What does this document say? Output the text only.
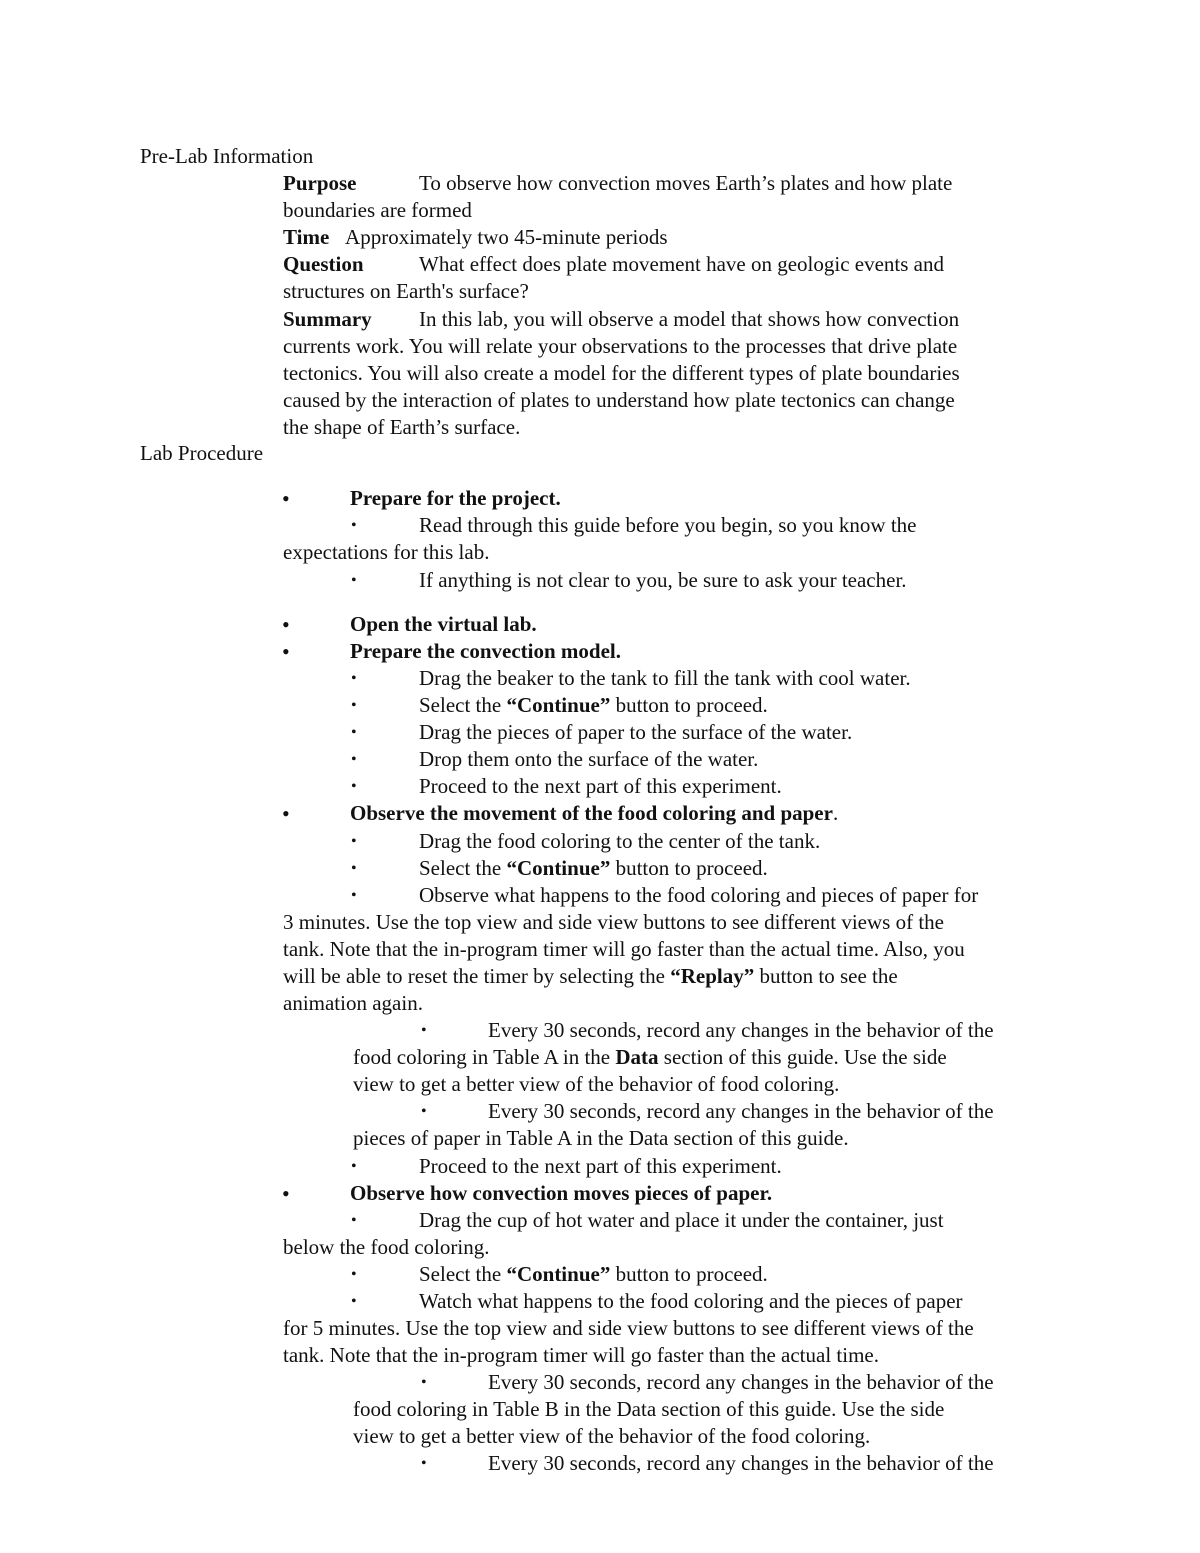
Pre-Lab Information
Purpose	To observe how convection moves Earth’s plates and how plate
boundaries are formed
Time Approximately two 45-minute periods
Question	What effect does plate movement have on geologic events and
structures on Earth's surface?
Summary In this lab, you will observe a model that shows how convection
currents work. You will relate your observations to the processes that drive plate
tectonics. You will also create a model for the different types of plate boundaries
caused by the interaction of plates to understand how plate tectonics can change
the shape of Earth’s surface.
Lab Procedure
•	Prepare for the project.
•	Read through this guide before you begin, so you know the
expectations for this lab.
•	If anything is not clear to you, be sure to ask your teacher.
•	Open the virtual lab.
•	Prepare the convection model.
•	Drag the beaker to the tank to fill the tank with cool water.
•	Select the “Continue” button to proceed.
•	Drag the pieces of paper to the surface of the water.
•	Drop them onto the surface of the water.
•	Proceed to the next part of this experiment.
•	Observe the movement of the food coloring and paper.
•	Drag the food coloring to the center of the tank.
•	Select the “Continue” button to proceed.
•	Observe what happens to the food coloring and pieces of paper for
3 minutes. Use the top view and side view buttons to see different views of the
tank. Note that the in-program timer will go faster than the actual time. Also, you
will be able to reset the timer by selecting the “Replay” button to see the
animation again.
•	Every 30 seconds, record any changes in the behavior of the
food coloring in Table A in the Data section of this guide. Use the side
view to get a better view of the behavior of food coloring.
•	Every 30 seconds, record any changes in the behavior of the
pieces of paper in Table A in the Data section of this guide.
•	Proceed to the next part of this experiment.
•	Observe how convection moves pieces of paper.
•	Drag the cup of hot water and place it under the container, just
below the food coloring.
•	Select the “Continue” button to proceed.
•	Watch what happens to the food coloring and the pieces of paper
for 5 minutes. Use the top view and side view buttons to see different views of the
tank. Note that the in-program timer will go faster than the actual time.
•	Every 30 seconds, record any changes in the behavior of the
food coloring in Table B in the Data section of this guide. Use the side
view to get a better view of the behavior of the food coloring.
•	Every 30 seconds, record any changes in the behavior of the
